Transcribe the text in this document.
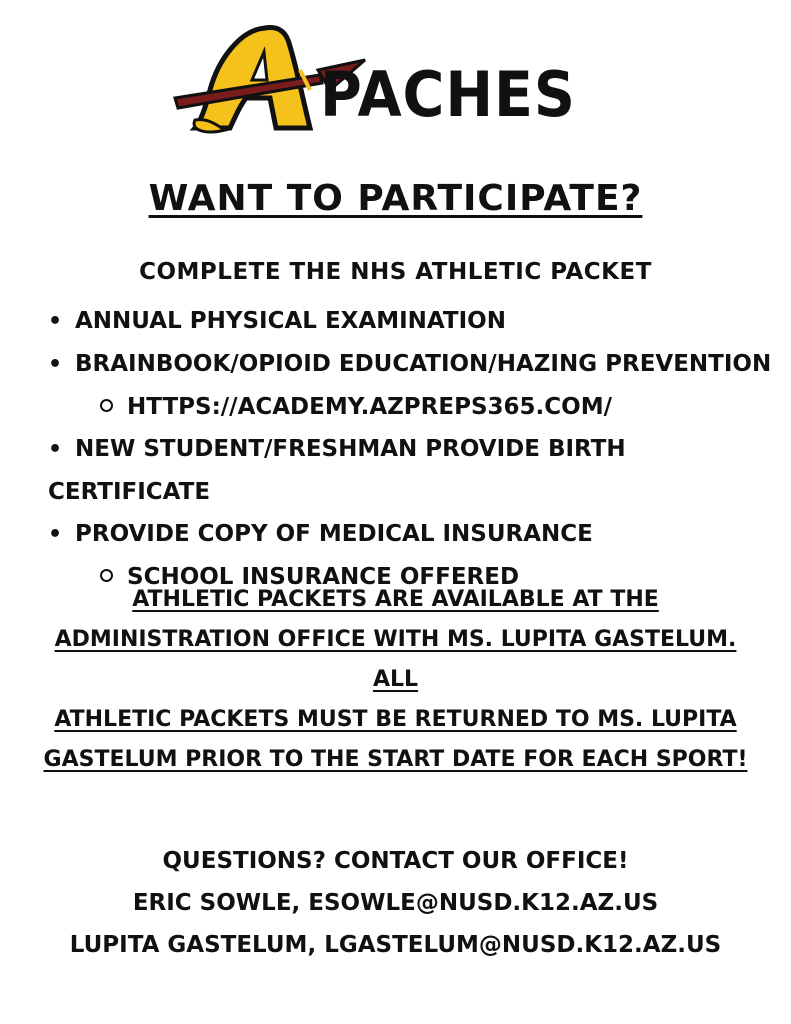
PACHES
WANT TO PARTICIPATE?
COMPLETE THE NHS ATHLETIC PACKET
• ANNUAL PHYSICAL EXAMINATION
• BRAINBOOK/OPIOID EDUCATION/HAZING PREVENTION
HTTPS://ACADEMY.AZPREPS365.COM/
• NEW STUDENT/FRESHMAN PROVIDE BIRTH CERTIFICATE
• PROVIDE COPY OF MEDICAL INSURANCE
SCHOOL INSURANCE OFFERED
ATHLETIC PACKETS ARE AVAILABLE AT THE
ADMINISTRATION OFFICE WITH MS. LUPITA GASTELUM. ALL
ATHLETIC PACKETS MUST BE RETURNED TO MS. LUPITA
GASTELUM PRIOR TO THE START DATE FOR EACH SPORT!
QUESTIONS? CONTACT OUR OFFICE!
ERIC SOWLE, ESOWLE@NUSD.K12.AZ.US
LUPITA GASTELUM, LGASTELUM@NUSD.K12.AZ.US
